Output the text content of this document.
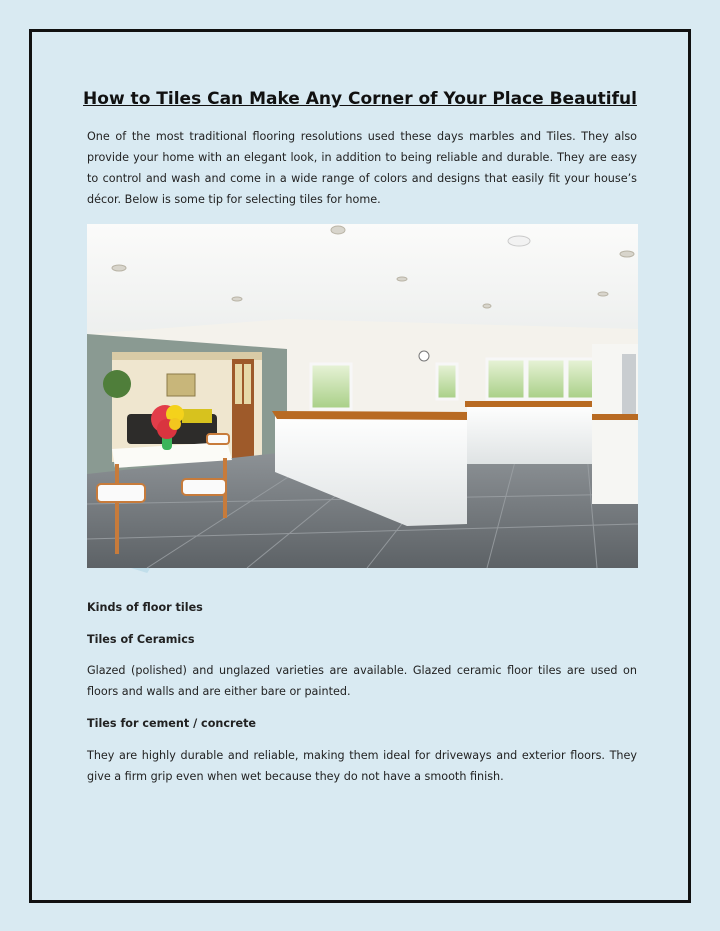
How to Tiles Can Make Any Corner of Your Place Beautiful

One of the most traditional flooring resolutions used these days marbles and Tiles. They also provide your home with an elegant look, in addition to being reliable and durable. They are easy to control and wash and come in a wide range of colors and designs that easily fit your house’s décor. Below is some tip for selecting tiles for home.

Kinds of floor tiles

Tiles of Ceramics

Glazed (polished) and unglazed varieties are available. Glazed ceramic floor tiles are used on floors and walls and are either bare or painted.

Tiles for cement / concrete

They are highly durable and reliable, making them ideal for driveways and exterior floors. They give a firm grip even when wet because they do not have a smooth finish.
